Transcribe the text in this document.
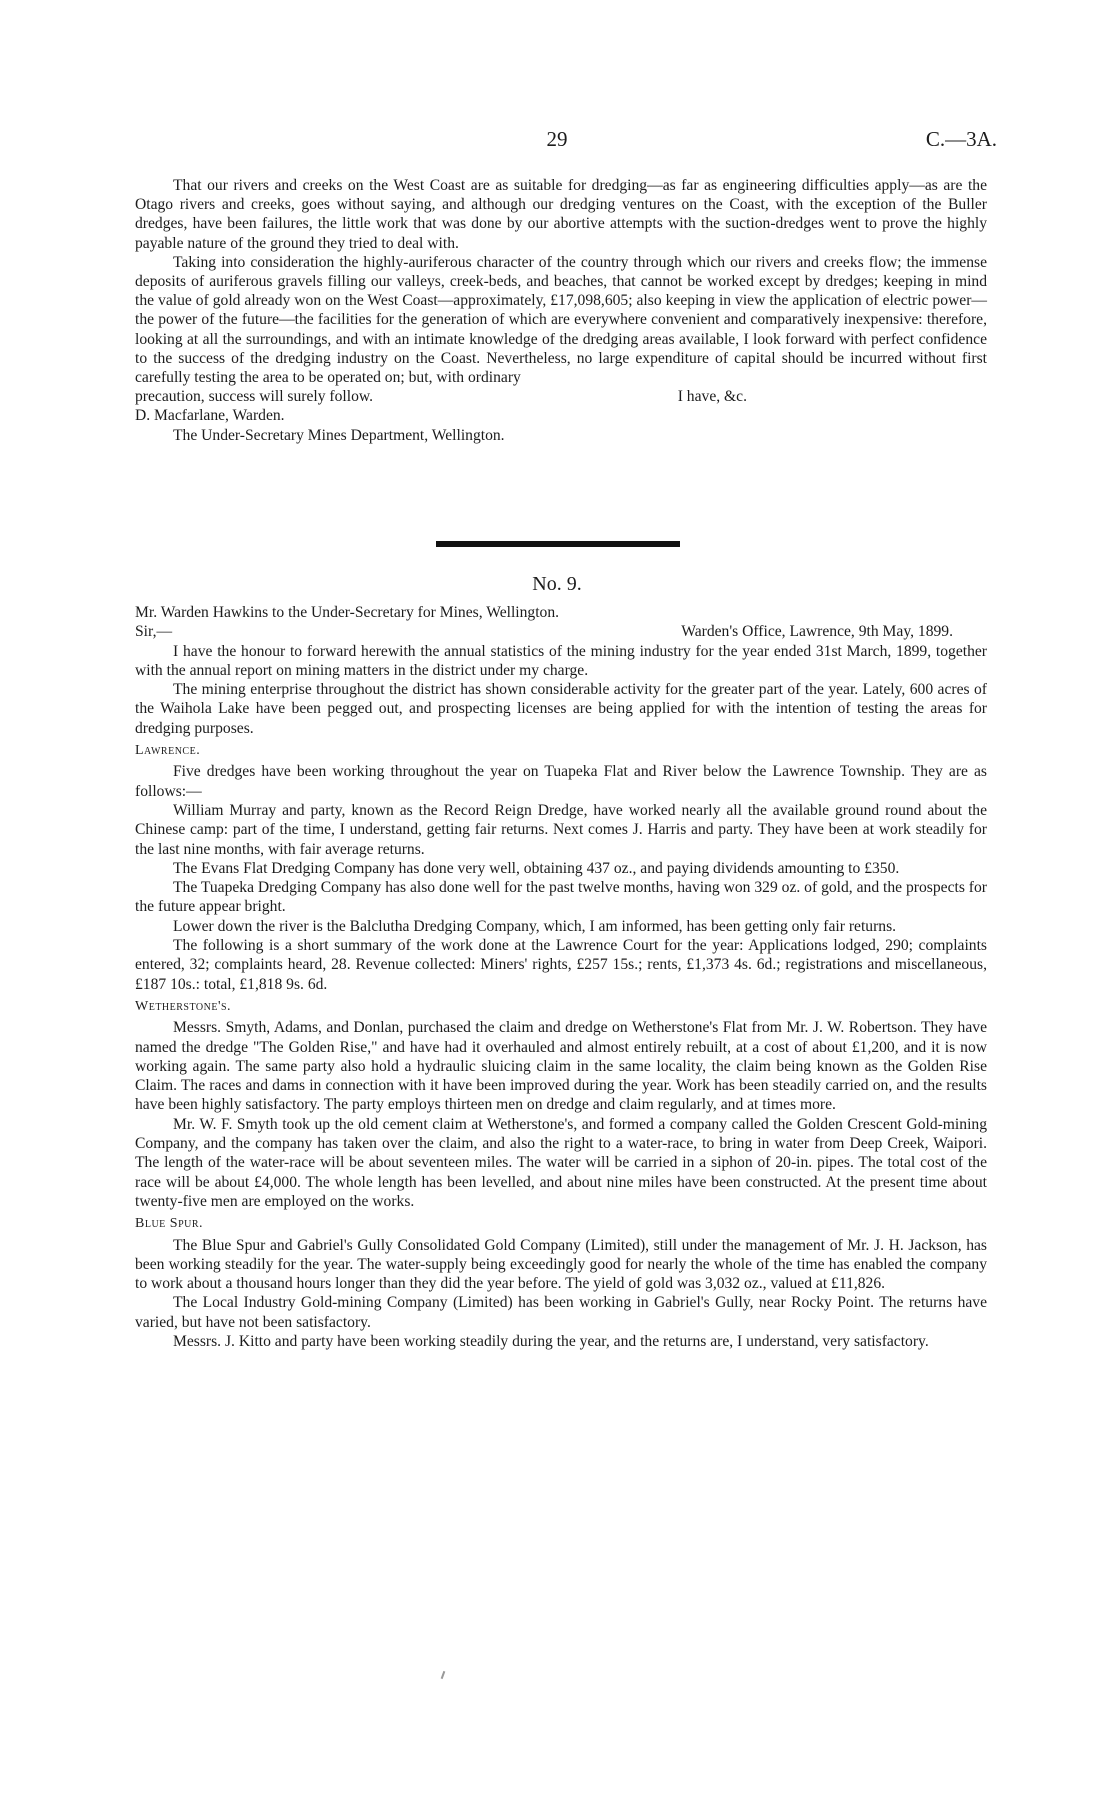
29	C.—3A.

That our rivers and creeks on the West Coast are as suitable for dredging—as far as engineering difficulties apply—as are the Otago rivers and creeks, goes without saying, and although our dredging ventures on the Coast, with the exception of the Buller dredges, have been failures, the little work that was done by our abortive attempts with the suction-dredges went to prove the highly payable nature of the ground they tried to deal with.

Taking into consideration the highly-auriferous character of the country through which our rivers and creeks flow; the immense deposits of auriferous gravels filling our valleys, creek-beds, and beaches, that cannot be worked except by dredges; keeping in mind the value of gold already won on the West Coast—approximately, £17,098,605; also keeping in view the application of electric power—the power of the future—the facilities for the generation of which are everywhere convenient and comparatively inexpensive: therefore, looking at all the surroundings, and with an intimate knowledge of the dredging areas available, I look forward with perfect confidence to the success of the dredging industry on the Coast. Nevertheless, no large expenditure of capital should be incurred without first carefully testing the area to be operated on; but, with ordinary

precaution, success will surely follow.	I have, &c.

D. Macfarlane, Warden.

The Under-Secretary Mines Department, Wellington.

No. 9.

Mr. Warden Hawkins to the Under-Secretary for Mines, Wellington.

Sir,—	Warden's Office, Lawrence, 9th May, 1899.

I have the honour to forward herewith the annual statistics of the mining industry for the year ended 31st March, 1899, together with the annual report on mining matters in the district under my charge.

The mining enterprise throughout the district has shown considerable activity for the greater part of the year. Lately, 600 acres of the Waihola Lake have been pegged out, and prospecting licenses are being applied for with the intention of testing the areas for dredging purposes.

Lawrence.

Five dredges have been working throughout the year on Tuapeka Flat and River below the Lawrence Township. They are as follows:—

William Murray and party, known as the Record Reign Dredge, have worked nearly all the available ground round about the Chinese camp: part of the time, I understand, getting fair returns. Next comes J. Harris and party. They have been at work steadily for the last nine months, with fair average returns.

The Evans Flat Dredging Company has done very well, obtaining 437 oz., and paying dividends amounting to £350.

The Tuapeka Dredging Company has also done well for the past twelve months, having won 329 oz. of gold, and the prospects for the future appear bright.

Lower down the river is the Balclutha Dredging Company, which, I am informed, has been getting only fair returns.

The following is a short summary of the work done at the Lawrence Court for the year: Applications lodged, 290; complaints entered, 32; complaints heard, 28. Revenue collected: Miners' rights, £257 15s.; rents, £1,373 4s. 6d.; registrations and miscellaneous, £187 10s.: total, £1,818 9s. 6d.

Wetherstone's.

Messrs. Smyth, Adams, and Donlan, purchased the claim and dredge on Wetherstone's Flat from Mr. J. W. Robertson. They have named the dredge "The Golden Rise," and have had it overhauled and almost entirely rebuilt, at a cost of about £1,200, and it is now working again. The same party also hold a hydraulic sluicing claim in the same locality, the claim being known as the Golden Rise Claim. The races and dams in connection with it have been improved during the year. Work has been steadily carried on, and the results have been highly satisfactory. The party employs thirteen men on dredge and claim regularly, and at times more.

Mr. W. F. Smyth took up the old cement claim at Wetherstone's, and formed a company called the Golden Crescent Gold-mining Company, and the company has taken over the claim, and also the right to a water-race, to bring in water from Deep Creek, Waipori. The length of the water-race will be about seventeen miles. The water will be carried in a siphon of 20-in. pipes. The total cost of the race will be about £4,000. The whole length has been levelled, and about nine miles have been constructed. At the present time about twenty-five men are employed on the works.

Blue Spur.

The Blue Spur and Gabriel's Gully Consolidated Gold Company (Limited), still under the management of Mr. J. H. Jackson, has been working steadily for the year. The water-supply being exceedingly good for nearly the whole of the time has enabled the company to work about a thousand hours longer than they did the year before. The yield of gold was 3,032 oz., valued at £11,826.

The Local Industry Gold-mining Company (Limited) has been working in Gabriel's Gully, near Rocky Point. The returns have varied, but have not been satisfactory.

Messrs. J. Kitto and party have been working steadily during the year, and the returns are, I understand, very satisfactory.
